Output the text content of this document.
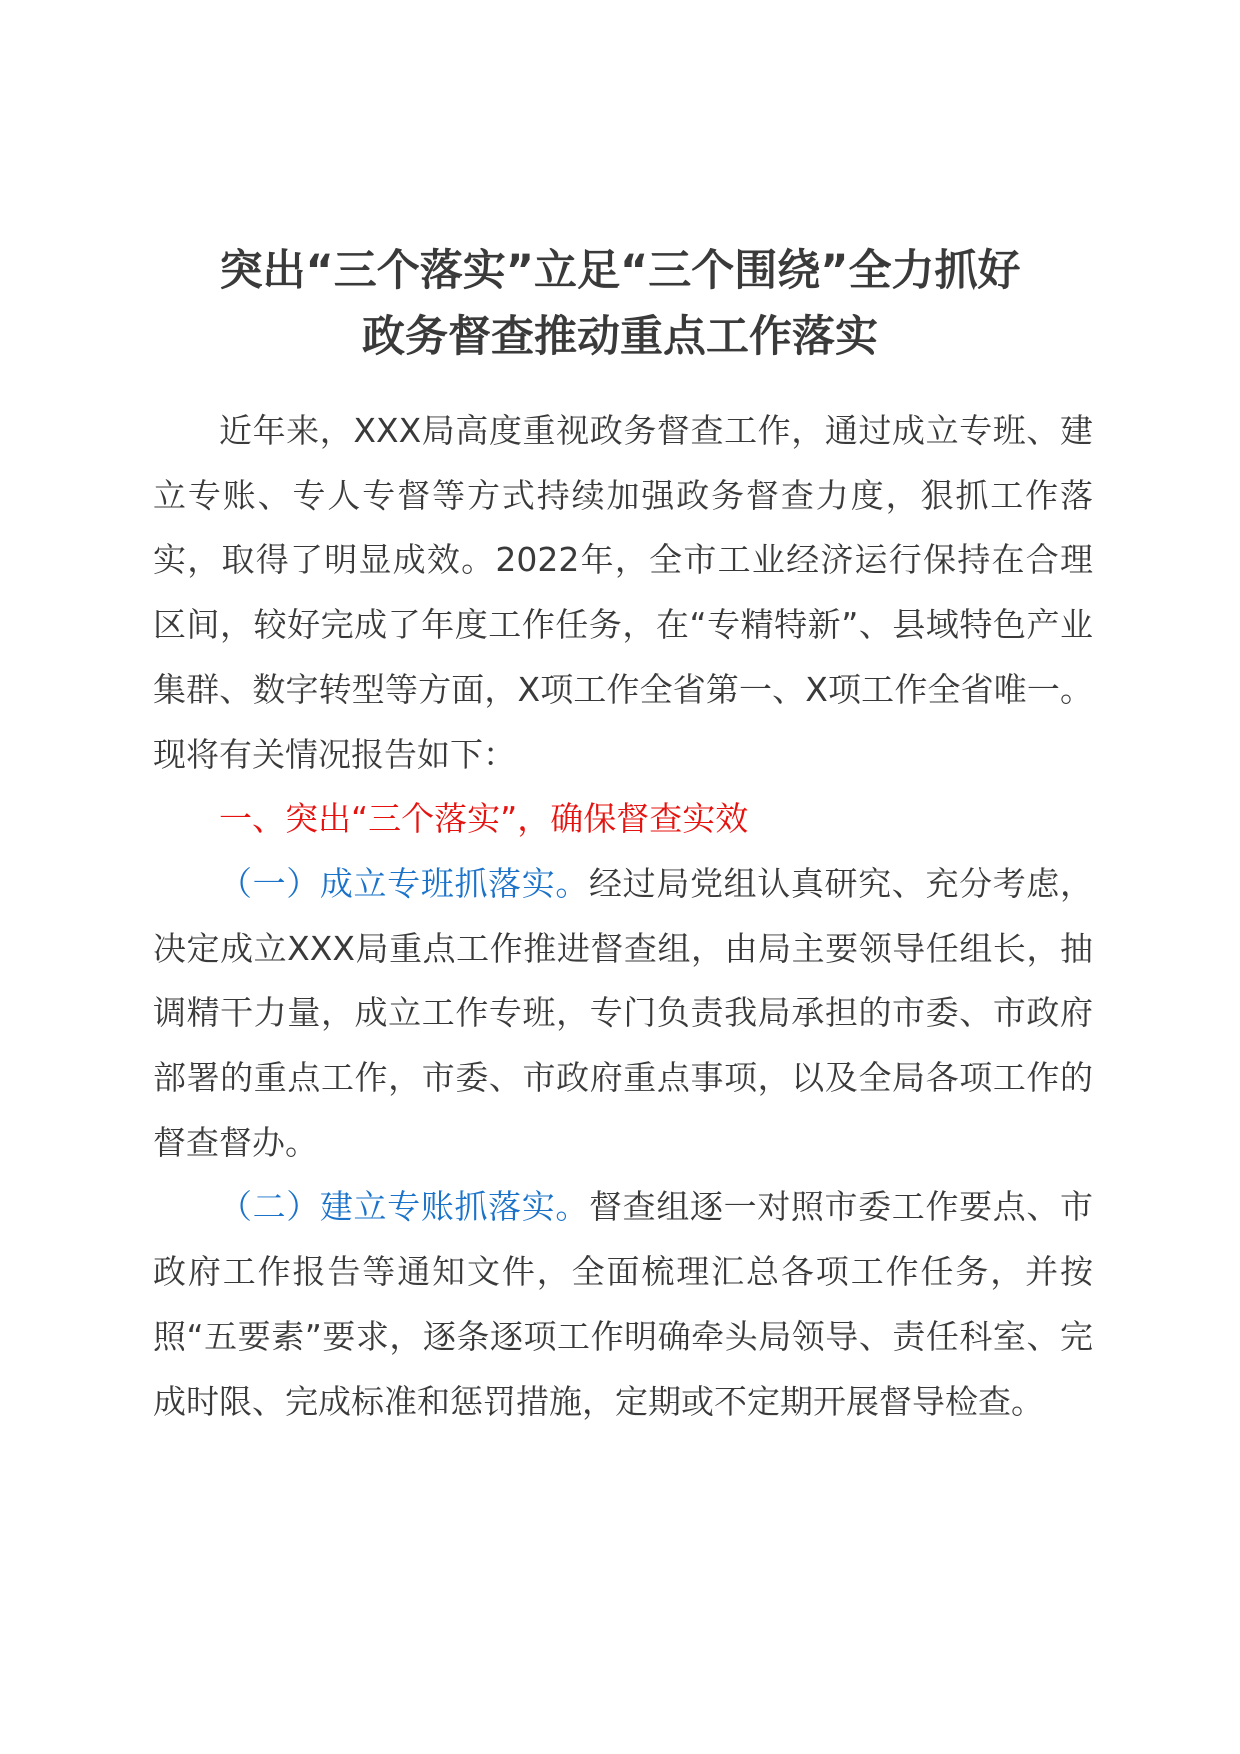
突出“三个落实”立足“三个围绕”全力抓好
政务督查推动重点工作落实

近年来，XXX局高度重视政务督查工作，通过成立专班、建立专账、专人专督等方式持续加强政务督查力度，狠抓工作落实，取得了明显成效。2022年，全市工业经济运行保持在合理区间，较好完成了年度工作任务，在“专精特新”、县域特色产业集群、数字转型等方面，X项工作全省第一、X项工作全省唯一。现将有关情况报告如下：

一、突出“三个落实”，确保督查实效

（一）成立专班抓落实。经过局党组认真研究、充分考虑，决定成立XXX局重点工作推进督查组，由局主要领导任组长，抽调精干力量，成立工作专班，专门负责我局承担的市委、市政府部署的重点工作，市委、市政府重点事项，以及全局各项工作的督查督办。

（二）建立专账抓落实。督查组逐一对照市委工作要点、市政府工作报告等通知文件，全面梳理汇总各项工作任务，并按照“五要素”要求，逐条逐项工作明确牵头局领导、责任科室、完成时限、完成标准和惩罚措施，定期或不定期开展督导检查。
